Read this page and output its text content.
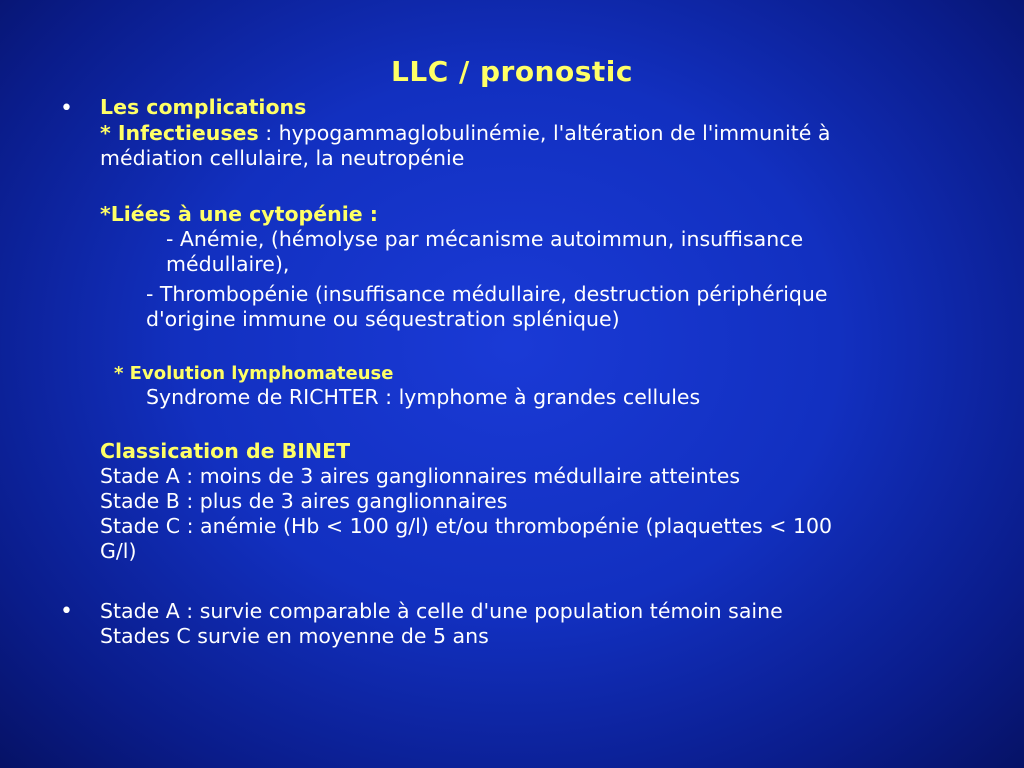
LLC / pronostic
• Les complications
* Infectieuses : hypogammaglobulinémie, l'altération de l'immunité à
médiation cellulaire, la neutropénie
*Liées à une cytopénie :
- Anémie, (hémolyse par mécanisme autoimmun, insuffisance
médullaire),
- Thrombopénie (insuffisance médullaire, destruction périphérique
d'origine immune ou séquestration splénique)
* Evolution lymphomateuse
Syndrome de RICHTER : lymphome à grandes cellules
Classication de BINET
Stade A : moins de 3 aires ganglionnaires médullaire atteintes
Stade B : plus de 3 aires ganglionnaires
Stade C : anémie (Hb < 100 g/l) et/ou thrombopénie (plaquettes < 100
G/l)
• Stade A : survie comparable à celle d'une population témoin saine
Stades C survie en moyenne de 5 ans
